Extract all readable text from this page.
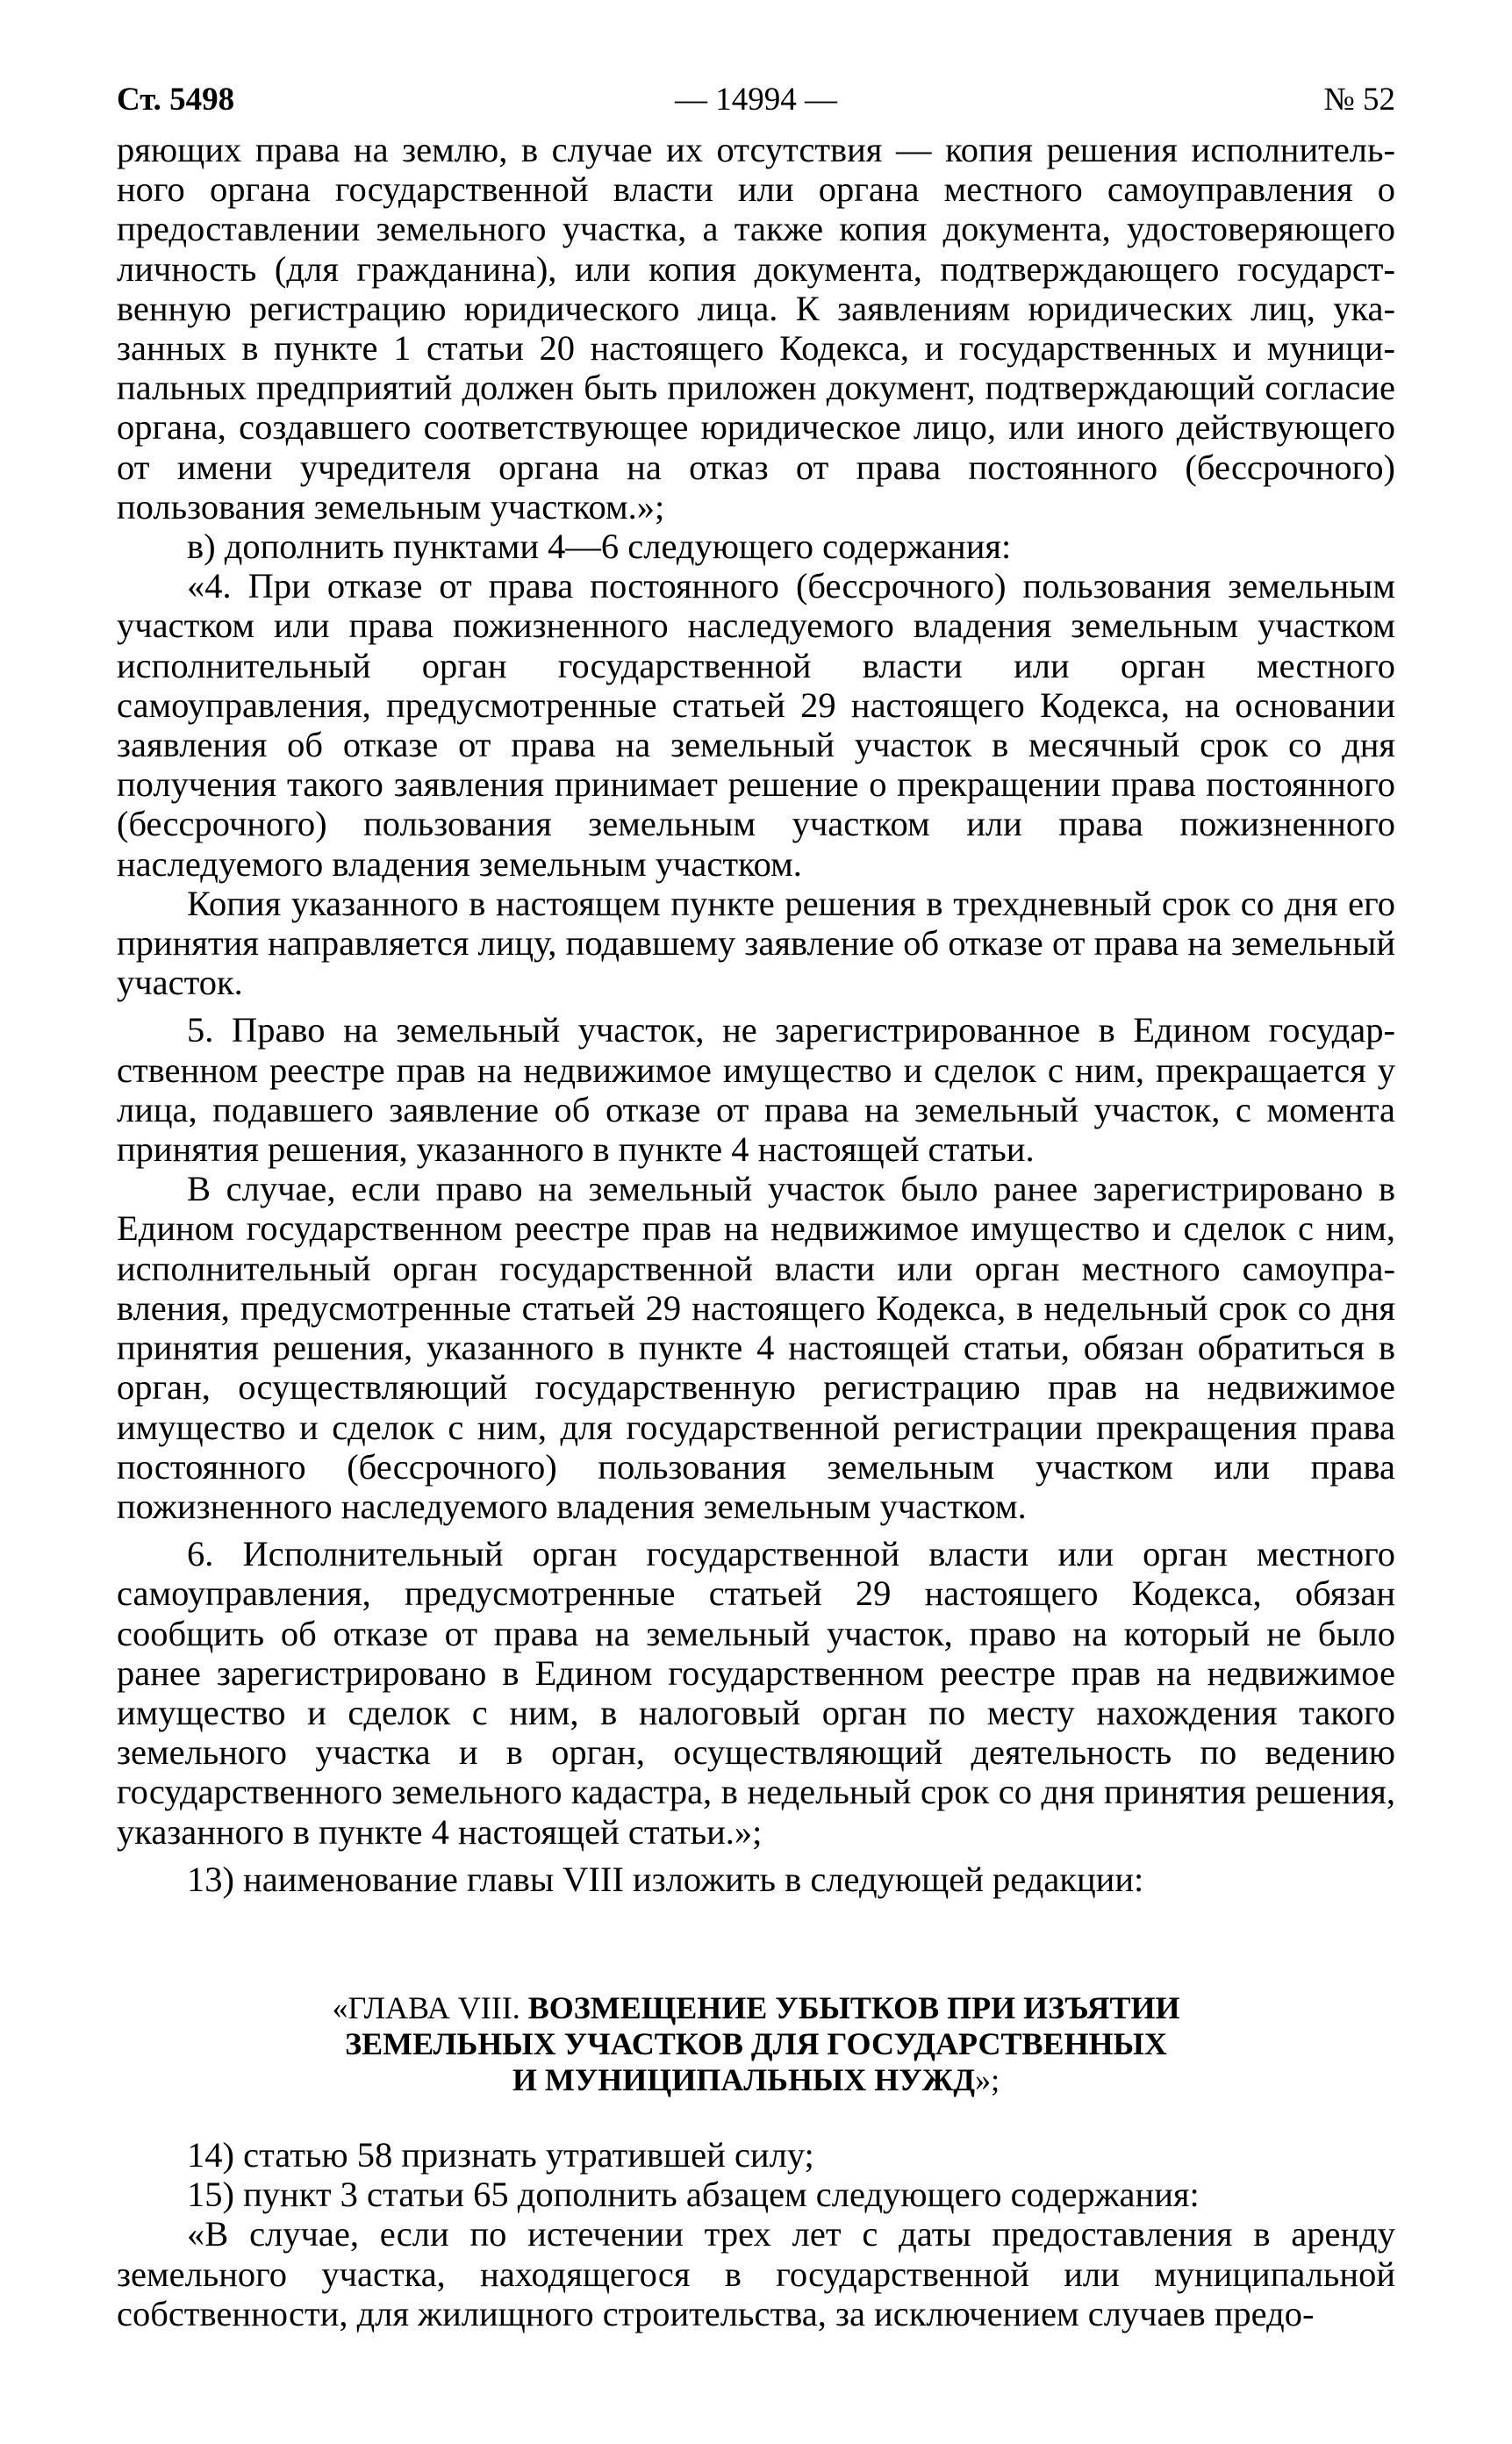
Ст. 5498	— 14994 —	№ 52

ряющих права на землю, в случае их отсутствия — копия решения исполнительного органа государственной власти или органа местного самоуправления о предоставлении земельного участка, а также копия документа, удостоверяющего личность (для гражданина), или копия документа, подтверждающего государственную регистрацию юридического лица. К заявлениям юридических лиц, указанных в пункте 1 статьи 20 настоящего Кодекса, и государственных и муниципальных предприятий должен быть приложен документ, подтверждающий согласие органа, создавшего соответствующее юридическое лицо, или иного действующего от имени учредителя органа на отказ от права постоянного (бессрочного) пользования земельным участком.»;

в) дополнить пунктами 4—6 следующего содержания:

«4. При отказе от права постоянного (бессрочного) пользования земельным участком или права пожизненного наследуемого владения земельным участком исполнительный орган государственной власти или орган местного самоуправления, предусмотренные статьей 29 настоящего Кодекса, на основании заявления об отказе от права на земельный участок в месячный срок со дня получения такого заявления принимает решение о прекращении права постоянного (бессрочного) пользования земельным участком или права пожизненного наследуемого владения земельным участком.

Копия указанного в настоящем пункте решения в трехдневный срок со дня его принятия направляется лицу, подавшему заявление об отказе от права на земельный участок.

5. Право на земельный участок, не зарегистрированное в Едином государственном реестре прав на недвижимое имущество и сделок с ним, прекращается у лица, подавшего заявление об отказе от права на земельный участок, с момента принятия решения, указанного в пункте 4 настоящей статьи.

В случае, если право на земельный участок было ранее зарегистрировано в Едином государственном реестре прав на недвижимое имущество и сделок с ним, исполнительный орган государственной власти или орган местного самоуправления, предусмотренные статьей 29 настоящего Кодекса, в недельный срок со дня принятия решения, указанного в пункте 4 настоящей статьи, обязан обратиться в орган, осуществляющий государственную регистрацию прав на недвижимое имущество и сделок с ним, для государственной регистрации прекращения права постоянного (бессрочного) пользования земельным участком или права пожизненного наследуемого владения земельным участком.

6. Исполнительный орган государственной власти или орган местного самоуправления, предусмотренные статьей 29 настоящего Кодекса, обязан сообщить об отказе от права на земельный участок, право на который не было ранее зарегистрировано в Едином государственном реестре прав на недвижимое имущество и сделок с ним, в налоговый орган по месту нахождения такого земельного участка и в орган, осуществляющий деятельность по ведению государственного земельного кадастра, в недельный срок со дня принятия решения, указанного в пункте 4 настоящей статьи.»;

13) наименование главы VIII изложить в следующей редакции:

«ГЛАВА VIII. ВОЗМЕЩЕНИЕ УБЫТКОВ ПРИ ИЗЪЯТИИ
ЗЕМЕЛЬНЫХ УЧАСТКОВ ДЛЯ ГОСУДАРСТВЕННЫХ
И МУНИЦИПАЛЬНЫХ НУЖД»;

14) статью 58 признать утратившей силу;

15) пункт 3 статьи 65 дополнить абзацем следующего содержания:

«В случае, если по истечении трех лет с даты предоставления в аренду земельного участка, находящегося в государственной или муниципальной собственности, для жилищного строительства, за исключением случаев предо-
